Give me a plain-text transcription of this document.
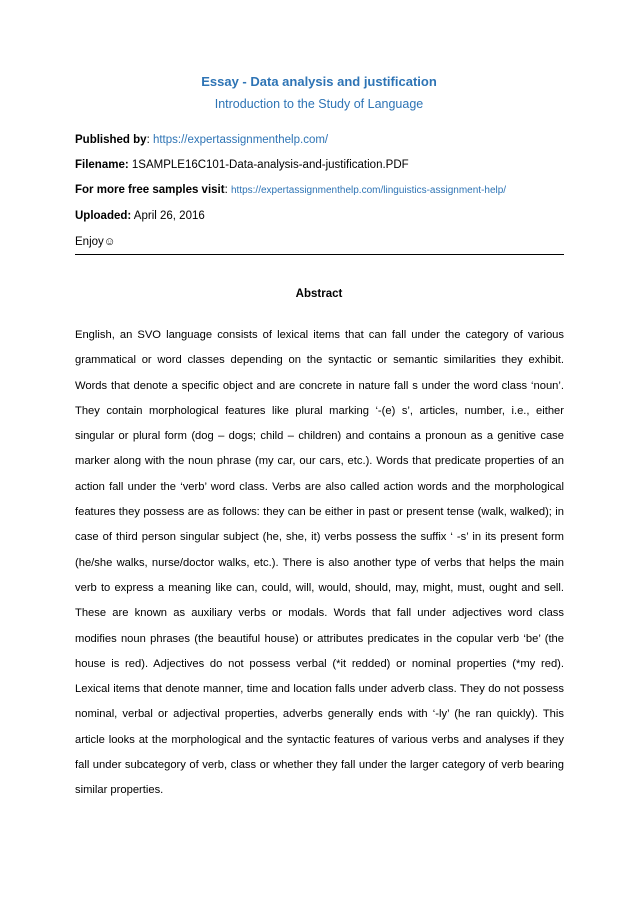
Essay - Data analysis and justification
Introduction to the Study of Language
Published by: https://expertassignmenthelp.com/
Filename: 1SAMPLE16C101-Data-analysis-and-justification.PDF
For more free samples visit: https://expertassignmenthelp.com/linguistics-assignment-help/
Uploaded: April 26, 2016
Enjoy☺
Abstract
English, an SVO language consists of lexical items that can fall under the category of various grammatical or word classes depending on the syntactic or semantic similarities they exhibit. Words that denote a specific object and are concrete in nature fall s under the word class ‘noun’. They contain morphological features like plural marking ‘-(e) s’, articles, number, i.e., either singular or plural form (dog – dogs; child – children) and contains a pronoun as a genitive case marker along with the noun phrase (my car, our cars, etc.). Words that predicate properties of an action fall under the ‘verb’ word class. Verbs are also called action words and the morphological features they possess are as follows: they can be either in past or present tense (walk, walked); in case of third person singular subject (he, she, it) verbs possess the suffix ‘ -s’ in its present form (he/she walks, nurse/doctor walks, etc.). There is also another type of verbs that helps the main verb to express a meaning like can, could, will, would, should, may, might, must, ought and sell. These are known as auxiliary verbs or modals. Words that fall under adjectives word class modifies noun phrases (the beautiful house) or attributes predicates in the copular verb ‘be’ (the house is red). Adjectives do not possess verbal (*it redded) or nominal properties (*my red). Lexical items that denote manner, time and location falls under adverb class. They do not possess nominal, verbal or adjectival properties, adverbs generally ends with ‘-ly’ (he ran quickly). This article looks at the morphological and the syntactic features of various verbs and analyses if they fall under subcategory of verb, class or whether they fall under the larger category of verb bearing similar properties.
